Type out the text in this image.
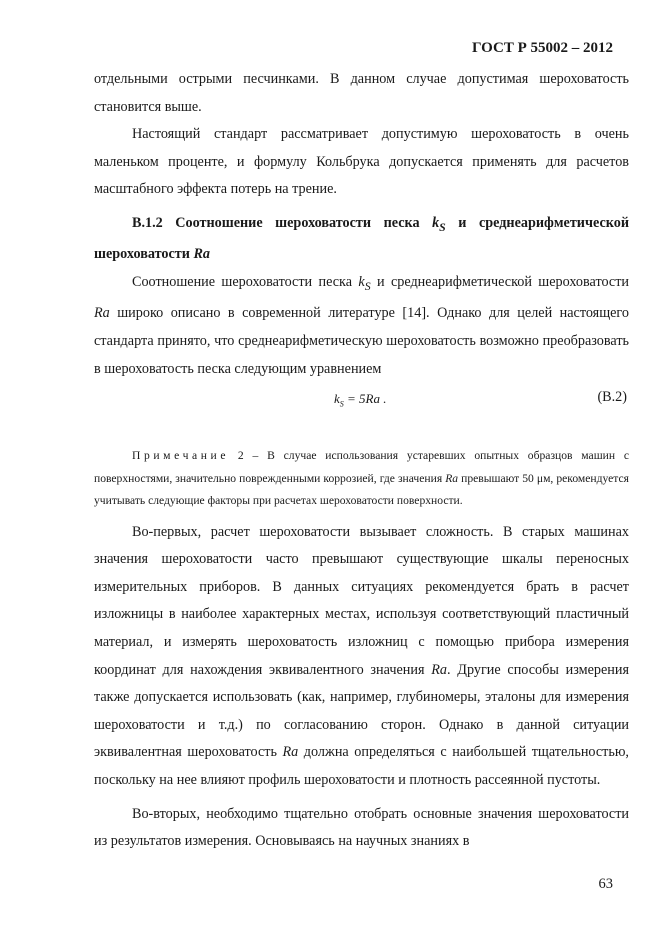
ГОСТ Р 55002 – 2012

отдельными острыми песчинками. В данном случае допустимая шероховатость становится выше.

Настоящий стандарт рассматривает допустимую шероховатость в очень маленьком проценте, и формулу Кольбрука допускается применять для расчетов масштабного эффекта потерь на трение.

В.1.2 Соотношение шероховатости песка $k_S$ и среднеарифметической шероховатости Ra

Соотношение шероховатости песка $k_S$ и среднеарифметической шероховатости Ra широко описано в современной литературе [14]. Однако для целей настоящего стандарта принято, что среднеарифметическую шероховатость возможно преобразовать в шероховатость песка следующим уравнением

$k_S = 5Ra$ .	(В.2)

Примечание 2 – В случае использования устаревших опытных образцов машин с поверхностями, значительно поврежденными коррозией, где значения Ra превышают 50 μм, рекомендуется учитывать следующие факторы при расчетах шероховатости поверхности.

Во-первых, расчет шероховатости вызывает сложность. В старых машинах значения шероховатости часто превышают существующие шкалы переносных измерительных приборов. В данных ситуациях рекомендуется брать в расчет изложницы в наиболее характерных местах, используя соответствующий пластичный материал, и измерять шероховатость изложниц с помощью прибора измерения координат для нахождения эквивалентного значения Ra. Другие способы измерения также допускается использовать (как, например, глубиномеры, эталоны для измерения шероховатости и т.д.) по согласованию сторон. Однако в данной ситуации эквивалентная шероховатость Ra должна определяться с наибольшей тщательностью, поскольку на нее влияют профиль шероховатости и плотность рассеянной пустоты.

Во-вторых, необходимо тщательно отобрать основные значения шероховатости из результатов измерения. Основываясь на научных знаниях в

63
